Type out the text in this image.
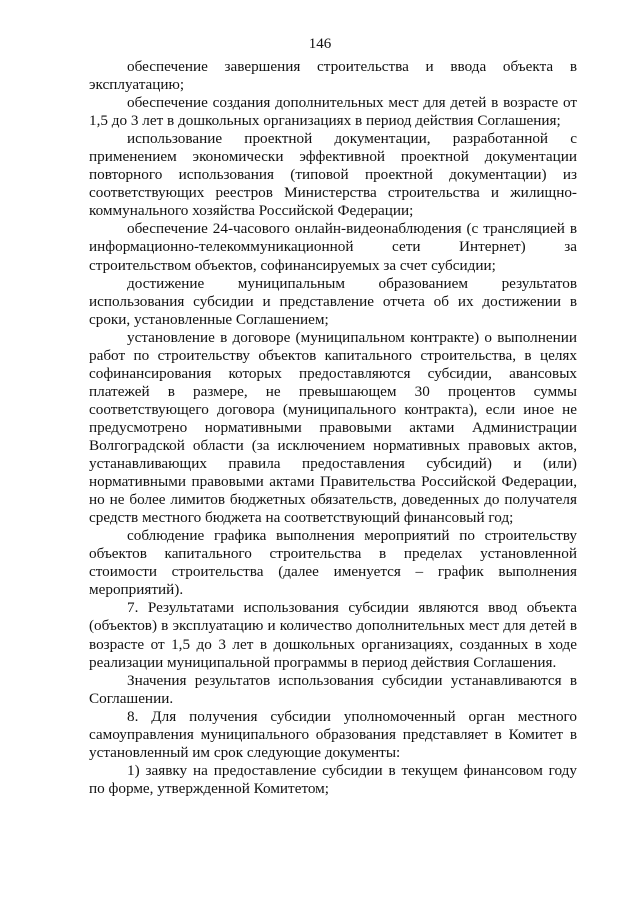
146

обеспечение завершения строительства и ввода объекта в эксплуатацию;

обеспечение создания дополнительных мест для детей в возрасте от 1,5 до 3 лет в дошкольных организациях в период действия Соглашения;

использование проектной документации, разработанной с применением экономически эффективной проектной документации повторного использования (типовой проектной документации) из соответствующих реестров Министерства строительства и жилищно-коммунального хозяйства Российской Федерации;

обеспечение 24-часового онлайн-видеонаблюдения (с трансляцией в информационно-телекоммуникационной сети Интернет) за строительством объектов, софинансируемых за счет субсидии;

достижение муниципальным образованием результатов использования субсидии и представление отчета об их достижении в сроки, установленные Соглашением;

установление в договоре (муниципальном контракте) о выполнении работ по строительству объектов капитального строительства, в целях софинансирования которых предоставляются субсидии, авансовых платежей в размере, не превышающем 30 процентов суммы соответствующего договора (муниципального контракта), если иное не предусмотрено нормативными правовыми актами Администрации Волгоградской области (за исключением нормативных правовых актов, устанавливающих правила предоставления субсидий) и (или) нормативными правовыми актами Правительства Российской Федерации, но не более лимитов бюджетных обязательств, доведенных до получателя средств местного бюджета на соответствующий финансовый год;

соблюдение графика выполнения мероприятий по строительству объектов капитального строительства в пределах установленной стоимости строительства (далее именуется – график выполнения мероприятий).

7. Результатами использования субсидии являются ввод объекта (объектов) в эксплуатацию и количество дополнительных мест для детей в возрасте от 1,5 до 3 лет в дошкольных организациях, созданных в ходе реализации муниципальной программы в период действия Соглашения.

Значения результатов использования субсидии устанавливаются в Соглашении.

8. Для получения субсидии уполномоченный орган местного самоуправления муниципального образования представляет в Комитет в установленный им срок следующие документы:

1) заявку на предоставление субсидии в текущем финансовом году по форме, утвержденной Комитетом;
